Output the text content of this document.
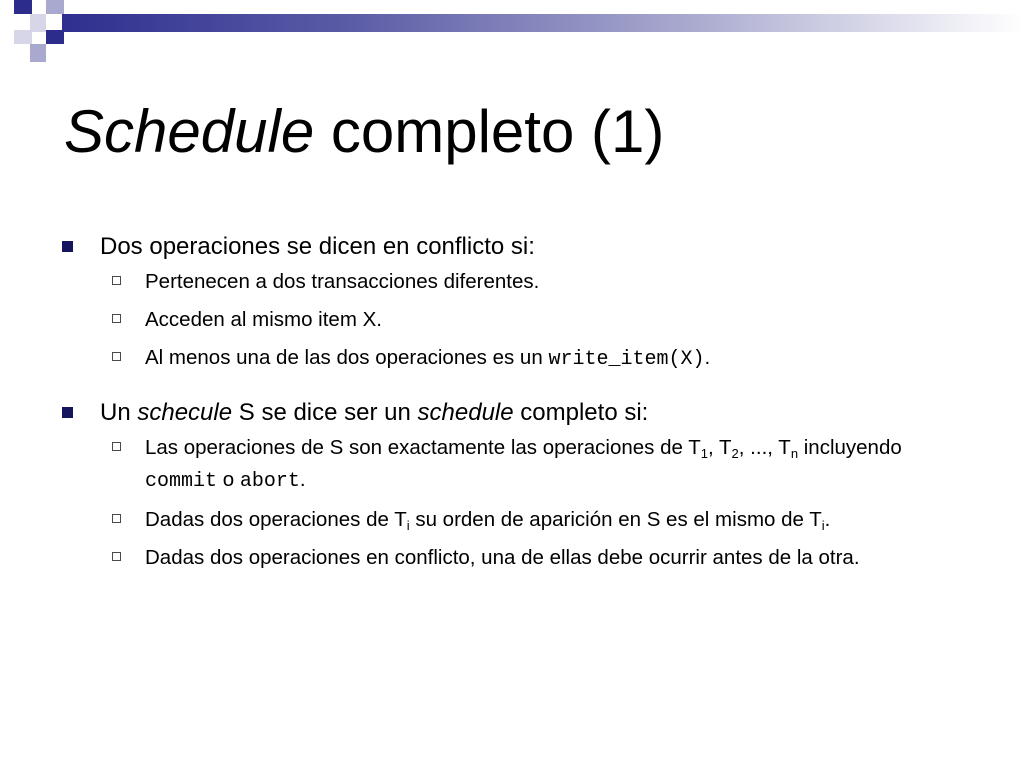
Schedule completo (1)
Dos operaciones se dicen en conflicto si:
Pertenecen a dos transacciones diferentes.
Acceden al mismo item X.
Al menos una de las dos operaciones es un write_item(X).
Un schecule S se dice ser un schedule completo si:
Las operaciones de S son exactamente las operaciones de $T_1$, $T_2$, ..., $T_n$ incluyendo commit o abort.
Dadas dos operaciones de $T_i$ su orden de aparición en S es el mismo de $T_i$.
Dadas dos operaciones en conflicto, una de ellas debe ocurrir antes de la otra.
